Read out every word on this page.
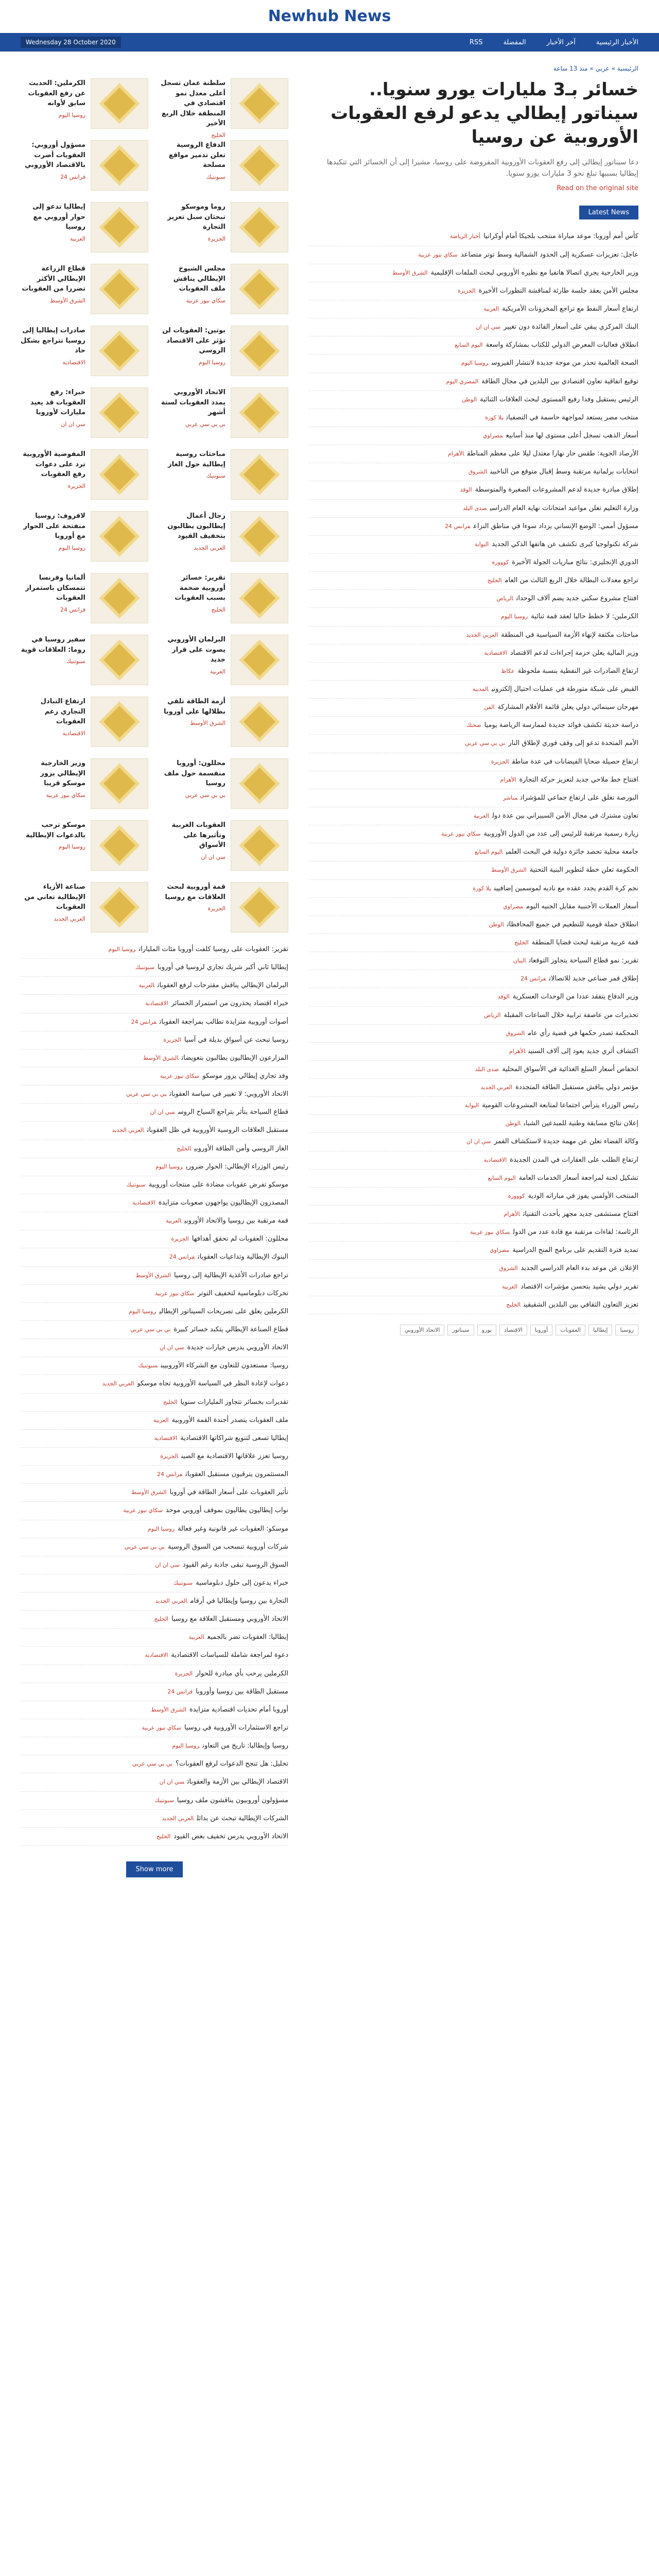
Newhub News
الأخبار الرئيسية
آخر الأخبار
المفضلة
RSS
Wednesday 28 October 2020
الرئيسية » عربي » منذ 13 ساعة
خسائر بـ3 مليارات يورو سنويا.. سيناتور إيطالي يدعو لرفع العقوبات الأوروبية عن روسيا
دعا سيناتور إيطالي إلى رفع العقوبات الأوروبية المفروضة على روسيا، مشيرا إلى أن الخسائر التي تتكبدها إيطاليا بسببها تبلغ نحو 3 مليارات يورو سنويا.
Read on the original site
Latest News
كأس أمم أوروبا: موعد مباراة منتخب بلجيكا أمام أوكرانياأخبار الرياضة
عاجل: تعزيزات عسكرية إلى الحدود الشمالية وسط توتر متصاعدسكاي نيوز عربية
وزير الخارجية يجري اتصالا هاتفيا مع نظيره الأوروبي لبحث الملفات الإقليميةالشرق الأوسط
مجلس الأمن يعقد جلسة طارئة لمناقشة التطورات الأخيرةالجزيرة
ارتفاع أسعار النفط مع تراجع المخزونات الأمريكيةالعربية
البنك المركزي يبقي على أسعار الفائدة دون تغييرسي ان ان
انطلاق فعاليات المعرض الدولي للكتاب بمشاركة واسعةاليوم السابع
الصحة العالمية تحذر من موجة جديدة لانتشار الفيروسروسيا اليوم
توقيع اتفاقية تعاون اقتصادي بين البلدين في مجال الطاقةالمصري اليوم
الرئيس يستقبل وفدا رفيع المستوى لبحث العلاقات الثنائيةالوطن
منتخب مصر يستعد لمواجهة حاسمة في التصفياتيلا كورة
أسعار الذهب تسجل أعلى مستوى لها منذ أسابيعمصراوي
الأرصاد الجوية: طقس حار نهارا معتدل ليلا على معظم المناطقالأهرام
انتخابات برلمانية مرتقبة وسط إقبال متوقع من الناخبينالشروق
إطلاق مبادرة جديدة لدعم المشروعات الصغيرة والمتوسطةالوفد
وزارة التعليم تعلن مواعيد امتحانات نهاية العام الدراسيصدى البلد
مسؤول أممي: الوضع الإنساني يزداد سوءا في مناطق النزاعفرانس 24
شركة تكنولوجيا كبرى تكشف عن هاتفها الذكي الجديدالبوابة
الدوري الإنجليزي: نتائج مباريات الجولة الأخيرةكووورة
تراجع معدلات البطالة خلال الربع الثالث من العامالخليج
افتتاح مشروع سكني جديد يضم آلاف الوحداتالرياض
الكرملين: لا خطط حاليا لعقد قمة ثنائيةروسيا اليوم
مباحثات مكثفة لإنهاء الأزمة السياسية في المنطقةالعربي الجديد
وزير المالية يعلن حزمة إجراءات لدعم الاقتصادالاقتصادية
ارتفاع الصادرات غير النفطية بنسبة ملحوظةعكاظ
القبض على شبكة متورطة في عمليات احتيال إلكترونيالمدينة
مهرجان سينمائي دولي يعلن قائمة الأفلام المشاركةالفن
دراسة حديثة تكشف فوائد جديدة لممارسة الرياضة يومياصحتك
الأمم المتحدة تدعو إلى وقف فوري لإطلاق الناربي بي سي عربي
ارتفاع حصيلة ضحايا الفيضانات في عدة مناطقالجزيرة
افتتاح خط ملاحي جديد لتعزيز حركة التجارةالأهرام
البورصة تغلق على ارتفاع جماعي للمؤشراتمباشر
تعاون مشترك في مجال الأمن السيبراني بين عدة دولالعربية
زيارة رسمية مرتقبة للرئيس إلى عدد من الدول الأوروبيةسكاي نيوز عربية
جامعة محلية تحصد جائزة دولية في البحث العلمياليوم السابع
الحكومة تعلن خطة لتطوير البنية التحتيةالشرق الأوسط
نجم كرة القدم يجدد عقده مع ناديه لموسمين إضافيينيلا كورة
أسعار العملات الأجنبية مقابل الجنيه اليوممصراوي
انطلاق حملة قومية للتطعيم في جميع المحافظاتالوطن
قمة عربية مرتقبة لبحث قضايا المنطقةالخليج
تقرير: نمو قطاع السياحة يتجاوز التوقعاتالبيان
إطلاق قمر صناعي جديد للاتصالاتفرانس 24
وزير الدفاع يتفقد عددا من الوحدات العسكريةالوفد
تحذيرات من عاصفة ترابية خلال الساعات المقبلةالرياض
المحكمة تصدر حكمها في قضية رأي عامالشروق
اكتشاف أثري جديد يعود إلى آلاف السنينالأهرام
انخفاض أسعار السلع الغذائية في الأسواق المحليةصدى البلد
مؤتمر دولي يناقش مستقبل الطاقة المتجددةالعربي الجديد
رئيس الوزراء يترأس اجتماعا لمتابعة المشروعات القوميةالبوابة
إعلان نتائج مسابقة وطنية للمبدعين الشبابالوطن
وكالة الفضاء تعلن عن مهمة جديدة لاستكشاف القمرسي ان ان
ارتفاع الطلب على العقارات في المدن الجديدةالاقتصادية
تشكيل لجنة لمراجعة أسعار الخدمات العامةاليوم السابع
المنتخب الأولمبي يفوز في مباراته الوديةكووورة
افتتاح مستشفى جديد مجهز بأحدث التقنياتالأهرام
الرئاسة: لقاءات مرتقبة مع قادة عدد من الدولسكاي نيوز عربية
تمديد فترة التقديم على برنامج المنح الدراسيةمصراوي
الإعلان عن موعد بدء العام الدراسي الجديدالشروق
تقرير دولي يشيد بتحسن مؤشرات الاقتصادالعربية
تعزيز التعاون الثقافي بين البلدين الشقيقينالخليج
روسيا
إيطاليا
العقوبات
أوروبا
الاقتصاد
يورو
سيناتور
الاتحاد الأوروبي
سلطنة عمان تسجل أعلى معدل نمو اقتصادي في المنطقة خلال الربع الأخير
الخليج
الكرملين: الحديث عن رفع العقوبات سابق لأوانه
روسيا اليوم
الدفاع الروسية تعلن تدمير مواقع مسلحة
سبوتنيك
مسؤول أوروبي: العقوبات أضرت بالاقتصاد الأوروبي
فرانس 24
روما وموسكو تبحثان سبل تعزيز التجارة
الجزيرة
إيطاليا تدعو إلى حوار أوروبي مع روسيا
العربية
مجلس الشيوخ الإيطالي يناقش ملف العقوبات
سكاي نيوز عربية
قطاع الزراعة الإيطالي الأكثر تضررا من العقوبات
الشرق الأوسط
بوتين: العقوبات لن تؤثر على الاقتصاد الروسي
روسيا اليوم
صادرات إيطاليا إلى روسيا تتراجع بشكل حاد
الاقتصادية
الاتحاد الأوروبي يمدد العقوبات لستة أشهر
بي بي سي عربي
خبراء: رفع العقوبات قد يعيد مليارات لأوروبا
سي ان ان
مباحثات روسية إيطالية حول الغاز
سبوتنيك
المفوضية الأوروبية ترد على دعوات رفع العقوبات
الجزيرة
رجال أعمال إيطاليون يطالبون بتخفيف القيود
العربي الجديد
لافروف: روسيا منفتحة على الحوار مع أوروبا
روسيا اليوم
تقرير: خسائر أوروبية ضخمة بسبب العقوبات
الخليج
ألمانيا وفرنسا تتمسكان باستمرار العقوبات
فرانس 24
البرلمان الأوروبي يصوت على قرار جديد
العربية
سفير روسيا في روما: العلاقات قوية
سبوتنيك
أزمة الطاقة تلقي بظلالها على أوروبا
الشرق الأوسط
ارتفاع التبادل التجاري رغم العقوبات
الاقتصادية
محللون: أوروبا منقسمة حول ملف روسيا
بي بي سي عربي
وزير الخارجية الإيطالي يزور موسكو قريبا
سكاي نيوز عربية
العقوبات الغربية وتأثيرها على الأسواق
سي ان ان
موسكو ترحب بالدعوات الإيطالية
روسيا اليوم
قمة أوروبية لبحث العلاقات مع روسيا
الجزيرة
صناعة الأزياء الإيطالية تعاني من العقوبات
العربي الجديد
تقرير: العقوبات على روسيا كلفت أوروبا مئات الملياراتروسيا اليوم
إيطاليا ثاني أكبر شريك تجاري لروسيا في أوروباسبوتنيك
البرلمان الإيطالي يناقش مقترحات لرفع العقوباتالعربية
خبراء اقتصاد يحذرون من استمرار الخسائرالاقتصادية
أصوات أوروبية متزايدة تطالب بمراجعة العقوباتفرانس 24
روسيا تبحث عن أسواق بديلة في آسياالجزيرة
المزارعون الإيطاليون يطالبون بتعويضاتالشرق الأوسط
وفد تجاري إيطالي يزور موسكوسكاي نيوز عربية
الاتحاد الأوروبي: لا تغيير في سياسة العقوباتبي بي سي عربي
قطاع السياحة يتأثر بتراجع السياح الروسسي ان ان
مستقبل العلاقات الروسية الأوروبية في ظل العقوباتالعربي الجديد
الغاز الروسي وأمن الطاقة الأوروبيالخليج
رئيس الوزراء الإيطالي: الحوار ضروريروسيا اليوم
موسكو تفرض عقوبات مضادة على منتجات أوروبيةسبوتنيك
المصدرون الإيطاليون يواجهون صعوبات متزايدةالاقتصادية
قمة مرتقبة بين روسيا والاتحاد الأوروبيالعربية
محللون: العقوبات لم تحقق أهدافهاالجزيرة
البنوك الإيطالية وتداعيات العقوباتفرانس 24
تراجع صادرات الأغذية الإيطالية إلى روسياالشرق الأوسط
تحركات دبلوماسية لتخفيف التوترسكاي نيوز عربية
الكرملين يعلق على تصريحات السيناتور الإيطاليروسيا اليوم
قطاع الصناعة الإيطالي يتكبد خسائر كبيرةبي بي سي عربي
الاتحاد الأوروبي يدرس خيارات جديدةسي ان ان
روسيا: مستعدون للتعاون مع الشركاء الأوروبيينسبوتنيك
دعوات لإعادة النظر في السياسة الأوروبية تجاه موسكوالعربي الجديد
تقديرات بخسائر تتجاوز المليارات سنوياالخليج
ملف العقوبات يتصدر أجندة القمة الأوروبيةالعربية
إيطاليا تسعى لتنويع شراكاتها الاقتصاديةالاقتصادية
روسيا تعزز علاقاتها الاقتصادية مع الصينالجزيرة
المستثمرون يترقبون مستقبل العقوباتفرانس 24
تأثير العقوبات على أسعار الطاقة في أوروباالشرق الأوسط
نواب إيطاليون يطالبون بموقف أوروبي موحدسكاي نيوز عربية
موسكو: العقوبات غير قانونية وغير فعالةروسيا اليوم
شركات أوروبية تنسحب من السوق الروسيةبي بي سي عربي
السوق الروسية تبقى جاذبة رغم القيودسي ان ان
خبراء يدعون إلى حلول دبلوماسيةسبوتنيك
التجارة بين روسيا وإيطاليا في أرقامالعربي الجديد
الاتحاد الأوروبي ومستقبل العلاقة مع روسياالخليج
إيطاليا: العقوبات تضر بالجميعالعربية
دعوة لمراجعة شاملة للسياسات الاقتصاديةالاقتصادية
الكرملين يرحب بأي مبادرة للحوارالجزيرة
مستقبل الطاقة بين روسيا وأوروبافرانس 24
أوروبا أمام تحديات اقتصادية متزايدةالشرق الأوسط
تراجع الاستثمارات الأوروبية في روسياسكاي نيوز عربية
روسيا وإيطاليا: تاريخ من التعاونروسيا اليوم
تحليل: هل تنجح الدعوات لرفع العقوبات؟بي بي سي عربي
الاقتصاد الإيطالي بين الأزمة والعقوباتسي ان ان
مسؤولون أوروبيون يناقشون ملف روسياسبوتنيك
الشركات الإيطالية تبحث عن بدائلالعربي الجديد
الاتحاد الأوروبي يدرس تخفيف بعض القيودالخليج
Show more
